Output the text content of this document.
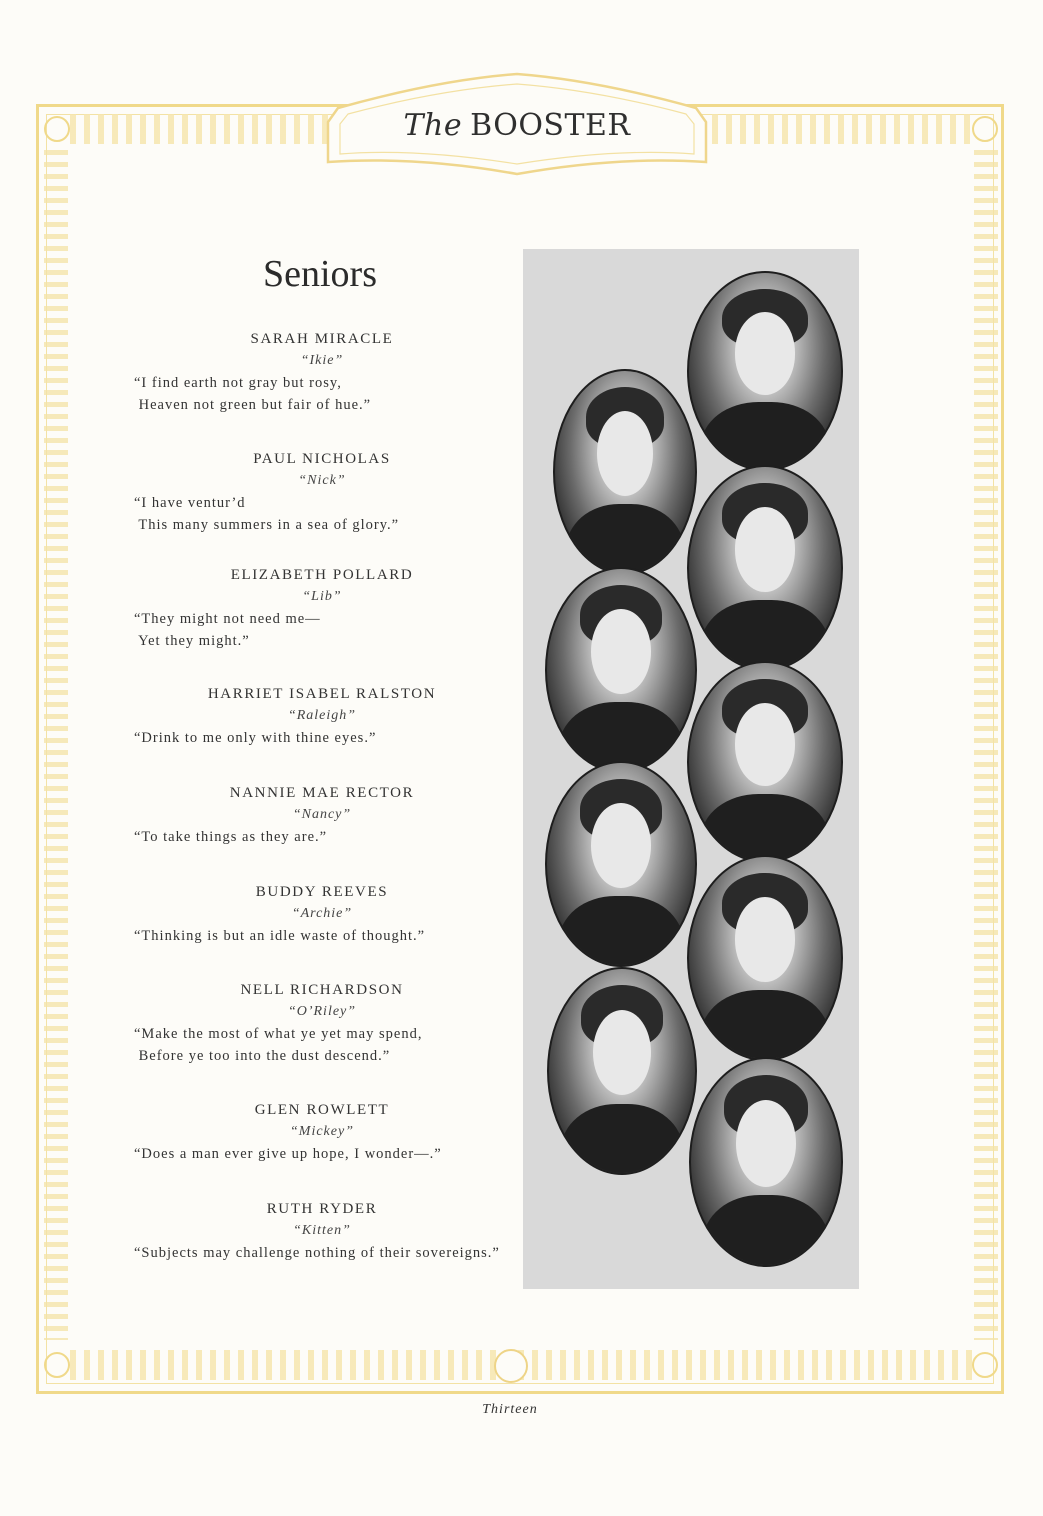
The BOOSTER
Seniors
SARAH MIRACLE
“Ikie”
“I find earth not gray but rosy,
Heaven not green but fair of hue.”
PAUL NICHOLAS
“Nick”
“I have ventur’d
This many summers in a sea of glory.”
ELIZABETH POLLARD
“Lib”
“They might not need me—
Yet they might.”
HARRIET ISABEL RALSTON
“Raleigh”
“Drink to me only with thine eyes.”
NANNIE MAE RECTOR
“Nancy”
“To take things as they are.”
BUDDY REEVES
“Archie”
“Thinking is but an idle waste of thought.”
NELL RICHARDSON
“O’Riley”
“Make the most of what ye yet may spend,
Before ye too into the dust descend.”
GLEN ROWLETT
“Mickey”
“Does a man ever give up hope, I wonder—.”
RUTH RYDER
“Kitten”
“Subjects may challenge nothing of their sovereigns.”
Thirteen
